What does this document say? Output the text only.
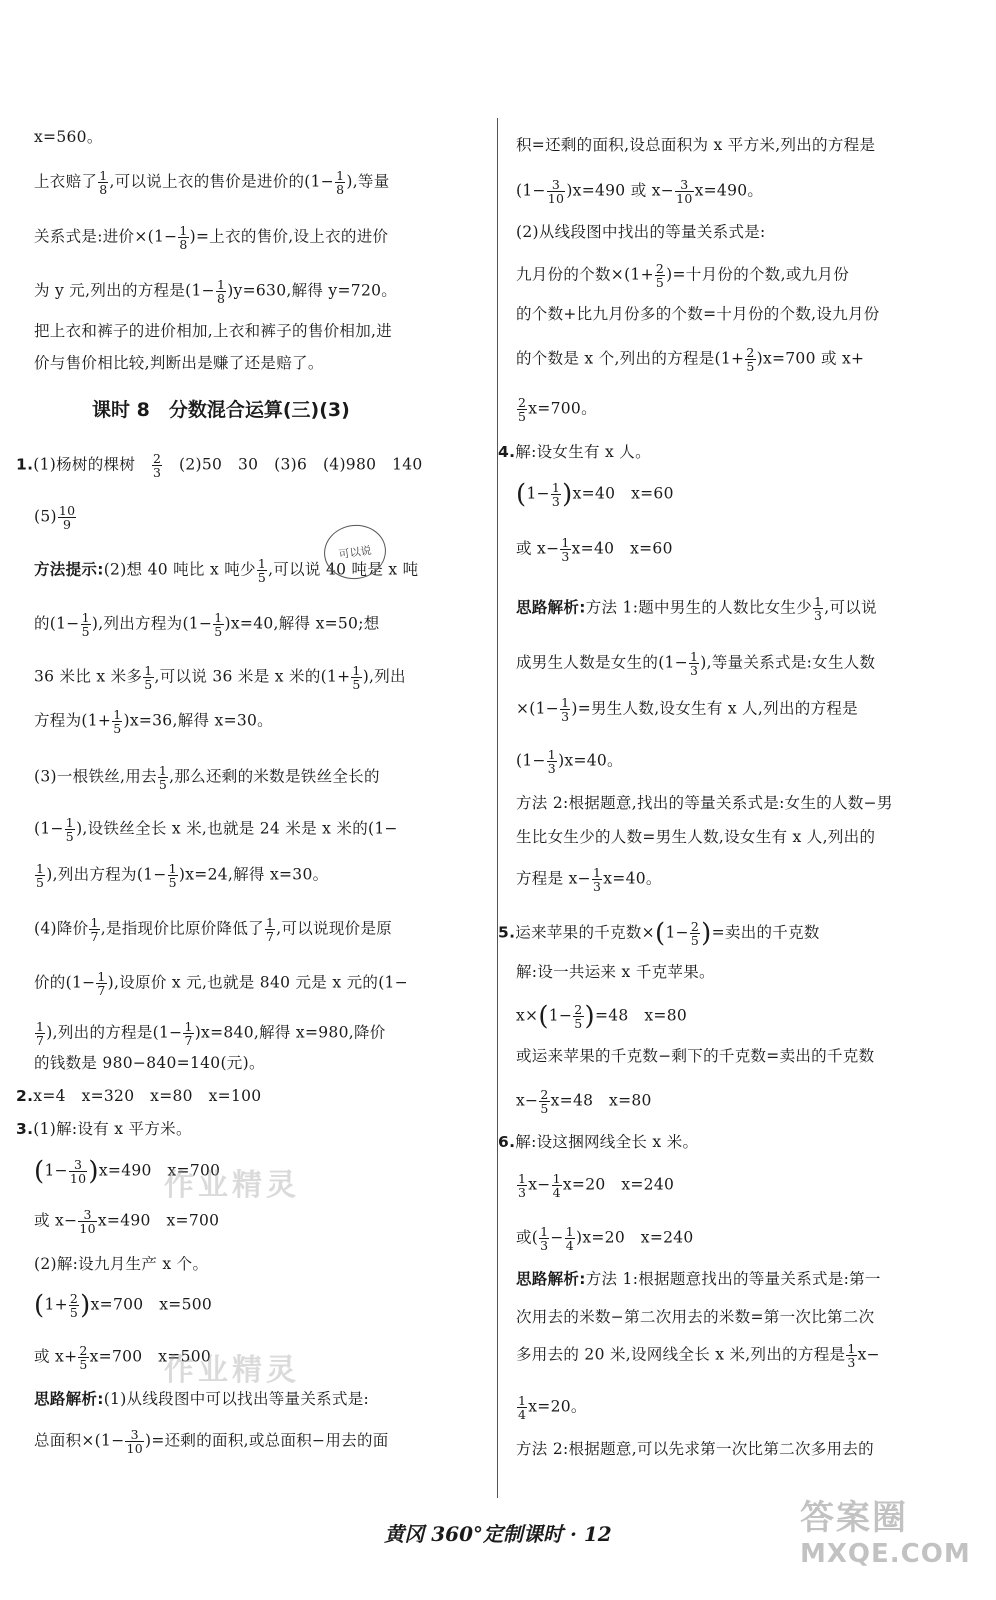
x=560。
上衣赔了 $\frac{1}{8}$ ,可以说上衣的售价是进价的($1- \frac{1}{8}$ ),等量
关系式是:进价$\times(1- \frac{1}{8}$ )=上衣的售价,设上衣的进价
为 y 元,列出的方程是$(1- \frac{1}{8} )y=630$,解得 y=720。
把上衣和裤子的进价相加,上衣和裤子的售价相加,进
价与售价相比较,判断出是赚了还是赔了。
课时 8　分数混合运算(三)(3)
1.(1)杨树的棵树　 $\frac{2}{3}$
　 (2)50　30　(3)6　(4)980　140
$(5) \frac{10}{9}$
方法提示:(2)想 40 吨比 x 吨少 $\frac{1}{5}$ ,可以说 40 吨是 x 吨
的($1- \frac{1}{5}$ ),列出方程为$(1- \frac{1}{5} )x=40$,解得 x=50;想
36 米比 x 米多 $\frac{1}{5}$ ,可以说 36 米是 x 米的($1+ \frac{1}{5}$ ),列出
方程为$(1+ \frac{1}{5} )x=36$,解得 x=30。
(3)一根铁丝,用去 $\frac{1}{5}$ ,那么还剩的米数是铁丝全长的
($1- \frac{1}{5}$ ),设铁丝全长 x 米,也就是 24 米是 x 米的(1−
$\frac{1}{5}$ ),列出方程为$(1- \frac{1}{5} )x=24$,解得 x=30。
(4)降价 $\frac{1}{7}$ ,是指现价比原价降低了 $\frac{1}{7}$ ,可以说现价是原
价的($1- \frac{1}{7}$ ),设原价 x 元,也就是 840 元是 x 元的(1−
$\frac{1}{7}$ ),列出的方程是$(1- \frac{1}{7} )x=840$,解得 x=980,降价
的钱数是 980−840=140(元)。
2.x=4　x=320　x=80　x=100
3.(1)解:设有 x 平方米。
$(1- \frac{3}{10} )x=490$　x=700
或 $x- \frac{3}{10} x=490$　x=700
(2)解:设九月生产 x 个。
$(1+ \frac{2}{5} )x=700$　x=500
或 $x+ \frac{2}{5} x=700$　x=500
思路解析:(1)从线段图中可以找出等量关系式是:
总面积$\times(1- \frac{3}{10}$ )=还剩的面积,或总面积−用去的面
可以说
作业精灵
作业精灵
积=还剩的面积,设总面积为 x 平方米,列出的方程是
$(1- \frac{3}{10} )x=490$ 或 $x- \frac{3}{10} x=490$。
(2)从线段图中找出的等量关系式是:
九月份的个数$\times(1+ \frac{2}{5}$ )=十月份的个数,或九月份
的个数+比九月份多的个数=十月份的个数,设九月份
的个数是 x 个,列出的方程是$(1+ \frac{2}{5} )x=700$ 或 x+
$\frac{2}{5} x=700$。
4.解:设女生有 x 人。
$(1- \frac{1}{3} )x=40$　x=60
或 $x- \frac{1}{3} x=40$　x=60
思路解析:方法 1:题中男生的人数比女生少 $\frac{1}{3}$ ,可以说
成男生人数是女生的($1- \frac{1}{3}$ ),等量关系式是:女生人数
$\times(1- \frac{1}{3}$ )=男生人数,设女生有 x 人,列出的方程是
$(1- \frac{1}{3} )x=40$。
方法 2:根据题意,找出的等量关系式是:女生的人数−男
生比女生少的人数=男生人数,设女生有 x 人,列出的
方程是 $x- \frac{1}{3} x=40$。
5.运来苹果的千克数$\times(1- \frac{2}{5}$ )=卖出的千克数
解:设一共运来 x 千克苹果。
$x\times(1- \frac{2}{5} )=48$　x=80
或运来苹果的千克数−剩下的千克数=卖出的千克数
$x- \frac{2}{5} x=48$　x=80
6.解:设这捆网线全长 x 米。
$\frac{1}{3} x- \frac{1}{4} x=20$　x=240
或( $\frac{1}{3} - \frac{1}{4} )x=20$　x=240
思路解析:方法 1:根据题意找出的等量关系式是:第一
次用去的米数−第二次用去的米数=第一次比第二次
多用去的 20 米,设网线全长 x 米,列出的方程是 $\frac{1}{3} x-$
$\frac{1}{4} x=20$。
方法 2:根据题意,可以先求第一次比第二次多用去的
黄冈 360°定制课时 · 12	答案圈
MXQE.COM
